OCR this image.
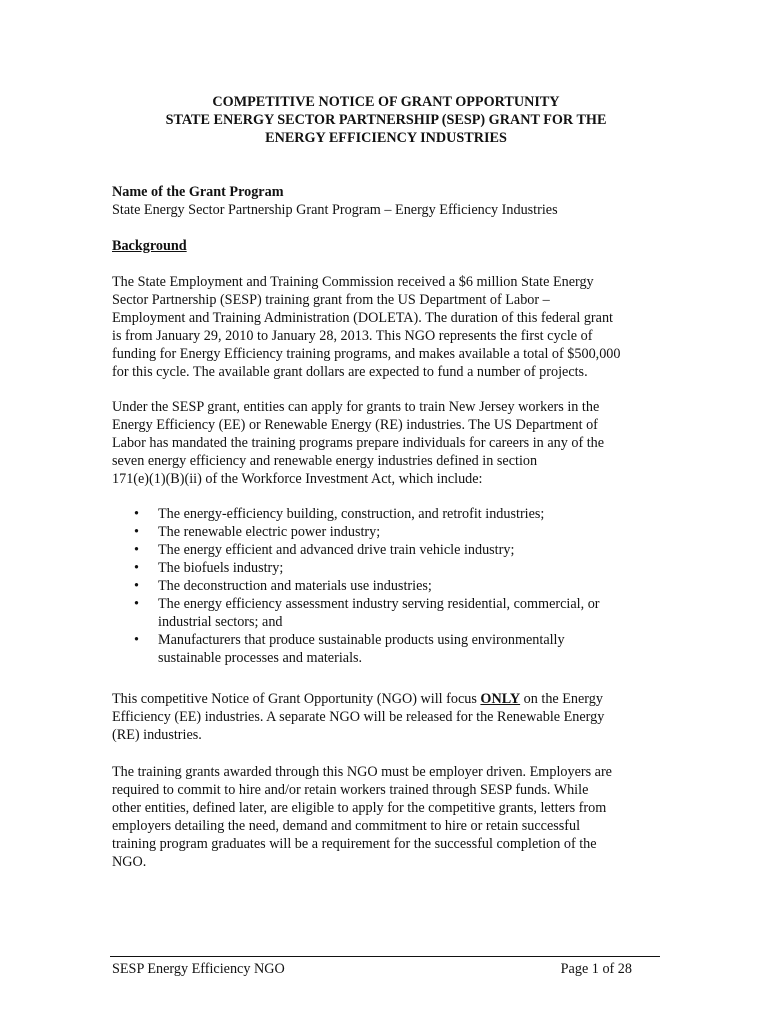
COMPETITIVE NOTICE OF GRANT OPPORTUNITY
STATE ENERGY SECTOR PARTNERSHIP (SESP) GRANT FOR THE
ENERGY EFFICIENCY INDUSTRIES
Name of the Grant Program
State Energy Sector Partnership Grant Program – Energy Efficiency Industries
Background
The State Employment and Training Commission received a $6 million State Energy
Sector Partnership (SESP) training grant from the US Department of Labor –
Employment and Training Administration (DOLETA). The duration of this federal grant
is from January 29, 2010 to January 28, 2013. This NGO represents the first cycle of
funding for Energy Efficiency training programs, and makes available a total of $500,000
for this cycle. The available grant dollars are expected to fund a number of projects.
Under the SESP grant, entities can apply for grants to train New Jersey workers in the
Energy Efficiency (EE) or Renewable Energy (RE) industries. The US Department of
Labor has mandated the training programs prepare individuals for careers in any of the
seven energy efficiency and renewable energy industries defined in section
171(e)(1)(B)(ii) of the Workforce Investment Act, which include:
• The energy-efficiency building, construction, and retrofit industries;
• The renewable electric power industry;
• The energy efficient and advanced drive train vehicle industry;
• The biofuels industry;
• The deconstruction and materials use industries;
• The energy efficiency assessment industry serving residential, commercial, or
industrial sectors; and
• Manufacturers that produce sustainable products using environmentally
sustainable processes and materials.
This competitive Notice of Grant Opportunity (NGO) will focus ONLY on the Energy
Efficiency (EE) industries. A separate NGO will be released for the Renewable Energy
(RE) industries.
The training grants awarded through this NGO must be employer driven. Employers are
required to commit to hire and/or retain workers trained through SESP funds. While
other entities, defined later, are eligible to apply for the competitive grants, letters from
employers detailing the need, demand and commitment to hire or retain successful
training program graduates will be a requirement for the successful completion of the
NGO.
SESP Energy Efficiency NGO	Page 1 of 28
